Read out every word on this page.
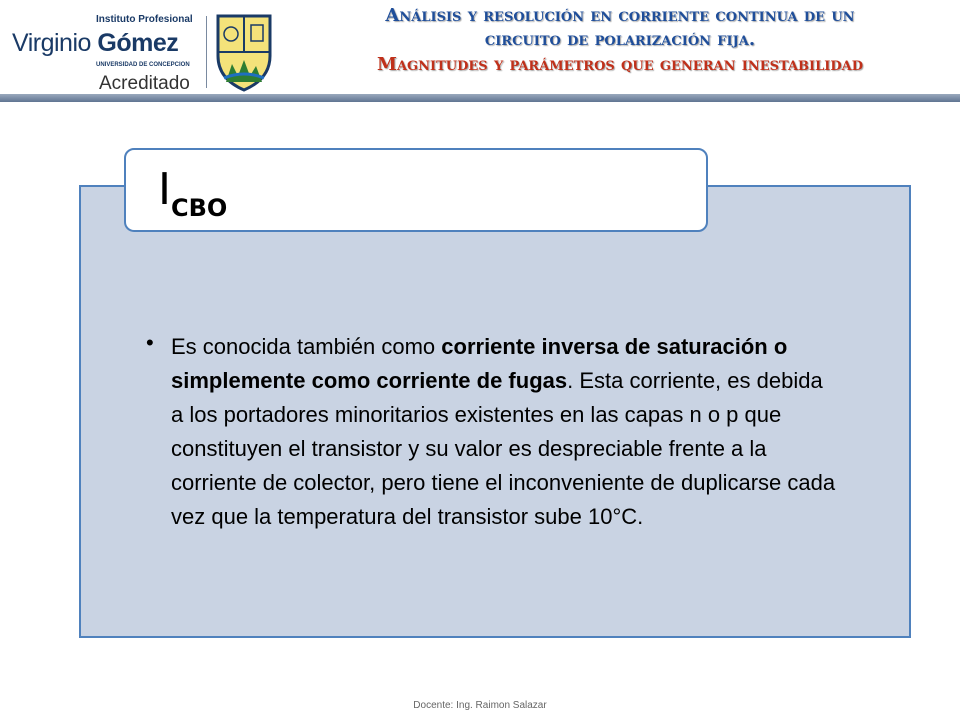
Instituto Profesional
Virginio Gómez
UNIVERSIDAD DE CONCEPCION
Acreditado
Análisis y resolución en corriente continua de un
circuito de polarización fija.
Magnitudes y parámetros que generan inestabilidad
$I_{CBO}$
• Es conocida también como corriente inversa de saturación o simplemente como corriente de fugas. Esta corriente, es debida a los portadores minoritarios existentes en las capas n o p que constituyen el transistor y su valor es despreciable frente a la corriente de colector, pero tiene el inconveniente de duplicarse cada vez que la temperatura del transistor sube 10°C.
Docente: Ing. Raimon Salazar
